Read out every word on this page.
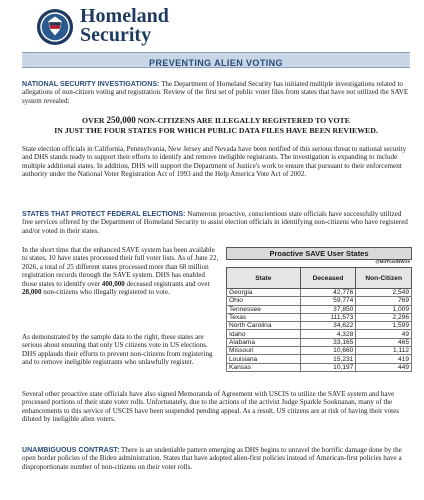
Homeland
Security
PREVENTING ALIEN VOTING

NATIONAL SECURITY INVESTIGATIONS: The Department of Homeland Security has initiated multiple investigations related to allegations of non-citizen voting and registration. Review of the first set of public voter files from states that have not utilized the SAVE system revealed:

OVER 250,000 NON-CITIZENS ARE ILLEGALLY REGISTERED TO VOTE
IN JUST THE FOUR STATES FOR WHICH PUBLIC DATA FILES HAVE BEEN REVIEWED.

State election officials in California, Pennsylvania, New Jersey and Nevada have been notified of this serious threat to national security and DHS stands ready to support their efforts to identify and remove ineligible registrants. The investigation is expanding to include multiple additional states. In addition, DHS will support the Department of Justice's work to ensure that pursuant to their enforcement authority under the National Voter Registration Act of 1993 and the Help America Vote Act of 2002.

STATES THAT PROTECT FEDERAL ELECTIONS: Numerous proactive, conscientious state officials have successfully utilized free services offered by the Department of Homeland Security to assist election officials in identifying non-citizens who have registered and/or voted in their states.

In the short time that the enhanced SAVE system has been available to states, 10 have states processed their full voter lists. As of June 22, 2026, a total of 25 different states processed more than 68 million registration records through the SAVE system. DHS has enabled those states to identify over 400,000 deceased registrants and over 28,000 non-citizens who illegally registered to vote.

As demonstrated by the sample data to the right, these states are serious about ensuring that only US citizens vote in US elections. DHS applauds their efforts to prevent non-citizens from registering and to remove ineligible registrants who unlawfully register.

Proactive SAVE User States
@MilTrustNWire
State	Deceased	Non-Citizen
Georgia	42,776	2,549
Ohio	59,774	769
Tennessee	37,850	1,009
Texas	111,573	2,296
North Carolina	34,622	1,599
Idaho	4,328	49
Alabama	33,165	465
Missouri	10,660	1,112
Louisiana	15,231	419
Kansas	10,197	449

Several other proactive state officials have also signed Memoranda of Agreement with USCIS to utilize the SAVE system and have processed portions of their state voter rolls. Unfortunately, due to the actions of the activist Judge Sparkle Sooknanan, many of the enhancements to this service of USCIS have been suspended pending appeal. As a result, US citizens are at risk of having their votes diluted by ineligible alien voters.

UNAMBIGUOUS CONTRAST: There is an undeniable pattern emerging as DHS begins to unravel the horrific damage done by the open border policies of the Biden administration. States that have adopted alien-first policies instead of American-first policies have a disproportionate number of non-citizens on their voter rolls.
